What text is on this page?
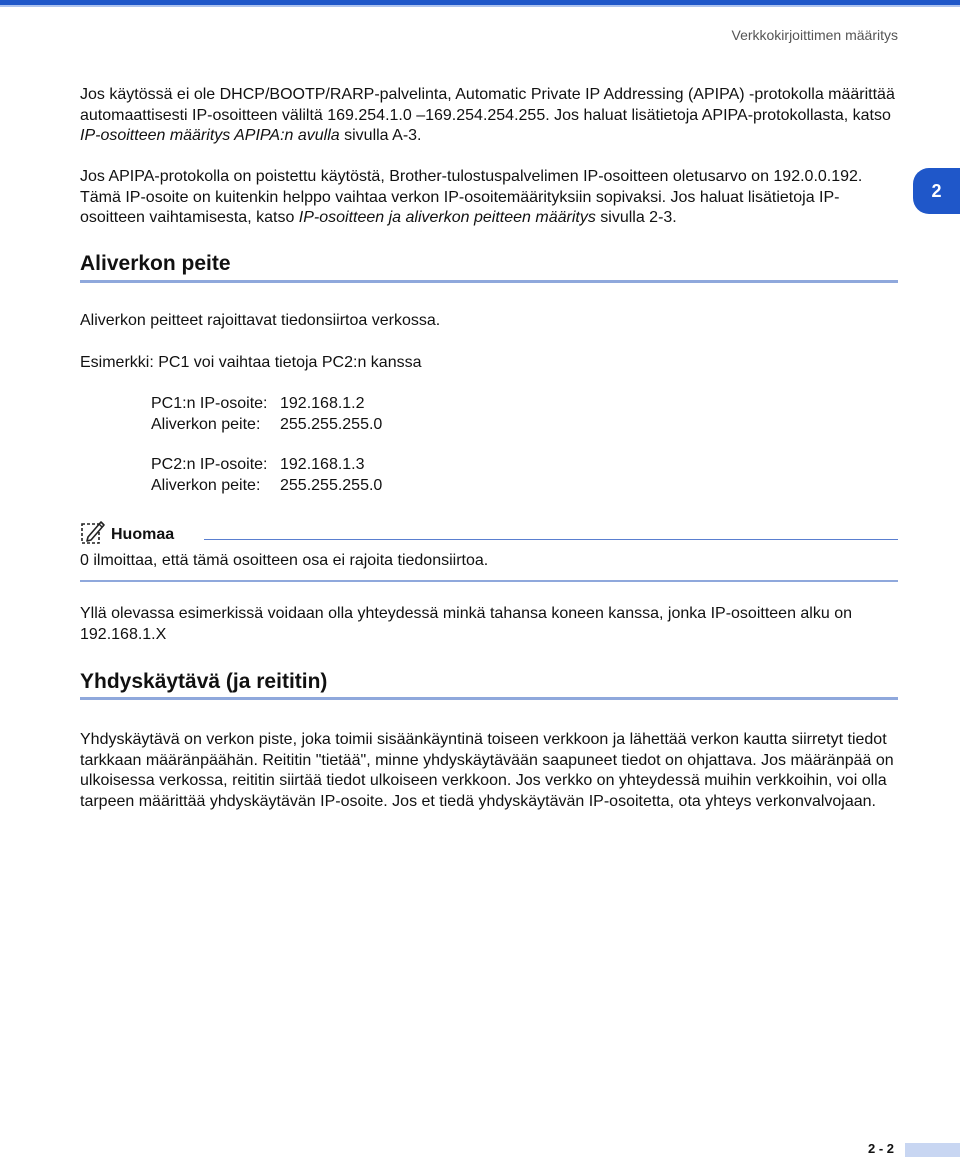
Verkkokirjoittimen määritys

Jos käytössä ei ole DHCP/BOOTP/RARP-palvelinta, Automatic Private IP Addressing (APIPA) -protokolla määrittää automaattisesti IP-osoitteen väliltä 169.254.1.0 –169.254.254.255. Jos haluat lisätietoja APIPA-protokollasta, katso IP-osoitteen määritys APIPA:n avulla sivulla A-3.

Jos APIPA-protokolla on poistettu käytöstä, Brother-tulostuspalvelimen IP-osoitteen oletusarvo on 192.0.0.192. Tämä IP-osoite on kuitenkin helppo vaihtaa verkon IP-osoitemäärityksiin sopivaksi. Jos haluat lisätietoja IP-osoitteen vaihtamisesta, katso IP-osoitteen ja aliverkon peitteen määritys sivulla 2-3.

2
Aliverkon peite

Aliverkon peitteet rajoittavat tiedonsiirtoa verkossa.

Esimerkki: PC1 voi vaihtaa tietoja PC2:n kanssa

PC1:n IP-osoite:	192.168.1.2
Aliverkon peite:	255.255.255.0
PC2:n IP-osoite:	192.168.1.3
Aliverkon peite:	255.255.255.0
Huomaa

0 ilmoittaa, että tämä osoitteen osa ei rajoita tiedonsiirtoa.

Yllä olevassa esimerkissä voidaan olla yhteydessä minkä tahansa koneen kanssa, jonka IP-osoitteen alku on 192.168.1.X

Yhdyskäytävä (ja reititin)

Yhdyskäytävä on verkon piste, joka toimii sisäänkäyntinä toiseen verkkoon ja lähettää verkon kautta siirretyt tiedot tarkkaan määränpäähän. Reititin "tietää", minne yhdyskäytävään saapuneet tiedot on ohjattava. Jos määränpää on ulkoisessa verkossa, reititin siirtää tiedot ulkoiseen verkkoon. Jos verkko on yhteydessä muihin verkkoihin, voi olla tarpeen määrittää yhdyskäytävän IP-osoite. Jos et tiedä yhdyskäytävän IP-osoitetta, ota yhteys verkonvalvojaan.

2 - 2
